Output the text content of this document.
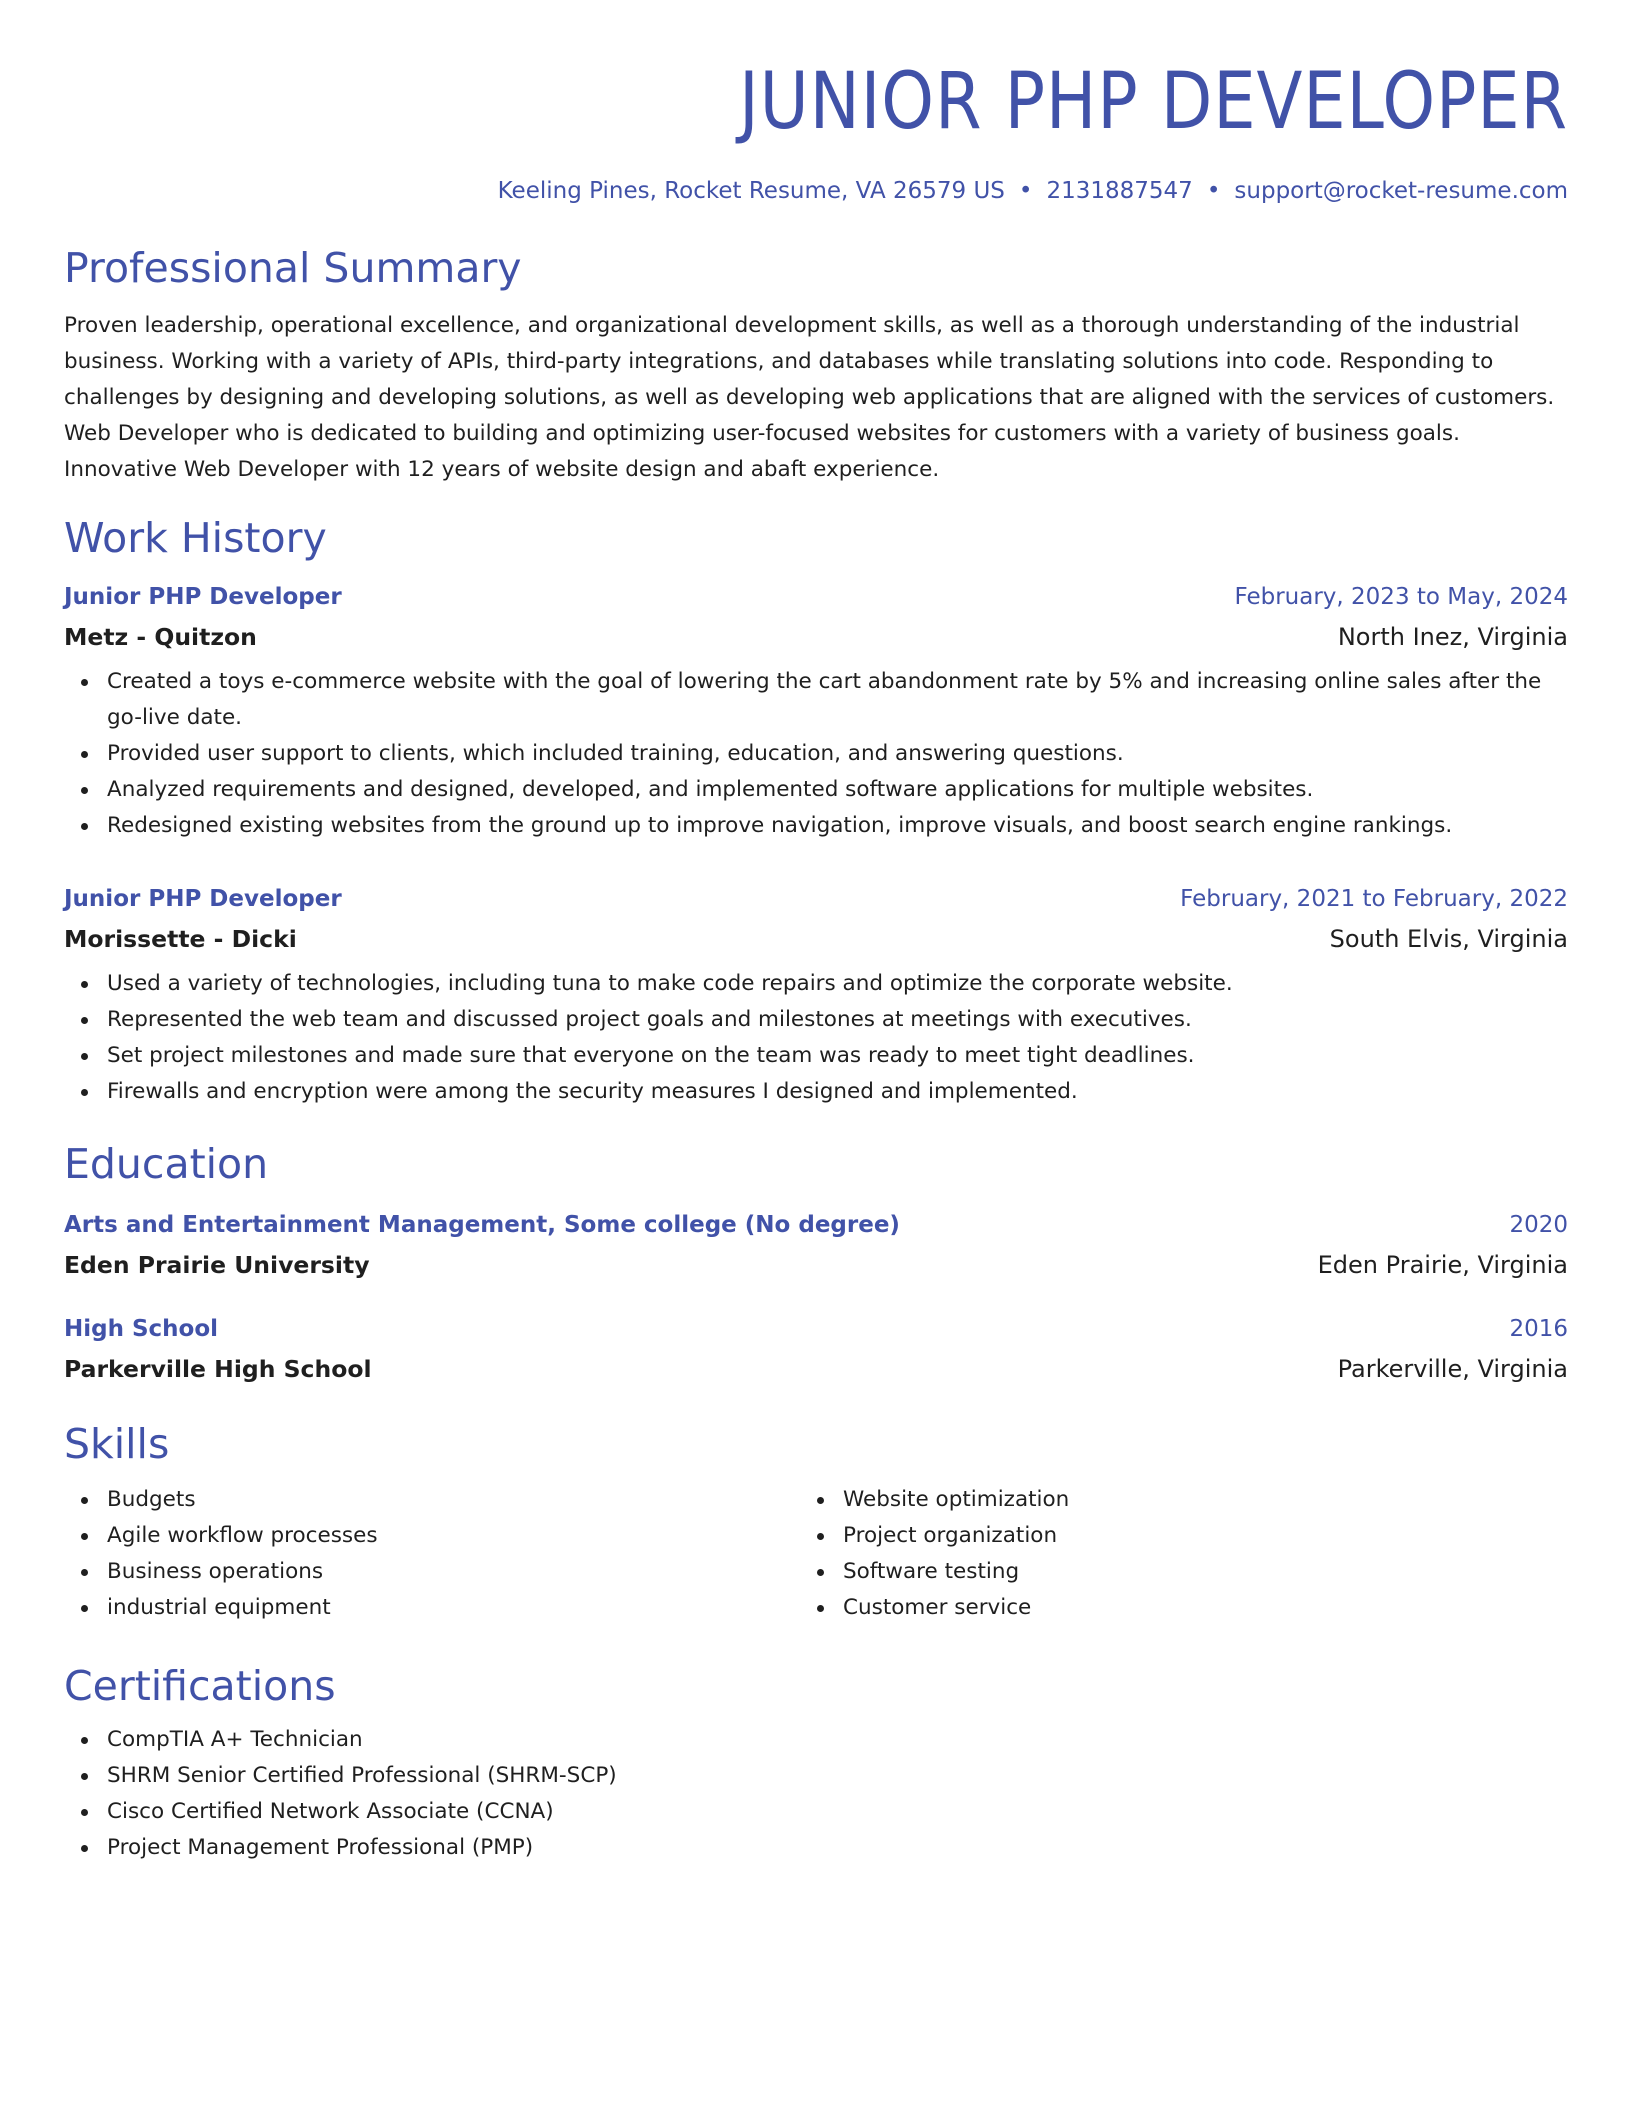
JUNIOR PHP DEVELOPER
Keeling Pines, Rocket Resume, VA 26579 US • 2131887547 • support@rocket-resume.com
Professional Summary

Proven leadership, operational excellence, and organizational development skills, as well as a thorough understanding of the industrial business. Working with a variety of APIs, third-party integrations, and databases while translating solutions into code. Responding to challenges by designing and developing solutions, as well as developing web applications that are aligned with the services of customers. Web Developer who is dedicated to building and optimizing user-focused websites for customers with a variety of business goals. Innovative Web Developer with 12 years of website design and abaft experience.

Work History
Junior PHP Developer	February, 2023 to May, 2024
Metz - Quitzon	North Inez, Virginia
Created a toys e-commerce website with the goal of lowering the cart abandonment rate by 5% and increasing online sales after the go-live date.
Provided user support to clients, which included training, education, and answering questions.
Analyzed requirements and designed, developed, and implemented software applications for multiple websites.
Redesigned existing websites from the ground up to improve navigation, improve visuals, and boost search engine rankings.
Junior PHP Developer	February, 2021 to February, 2022
Morissette - Dicki	South Elvis, Virginia
Used a variety of technologies, including tuna to make code repairs and optimize the corporate website.
Represented the web team and discussed project goals and milestones at meetings with executives.
Set project milestones and made sure that everyone on the team was ready to meet tight deadlines.
Firewalls and encryption were among the security measures I designed and implemented.
Education
Arts and Entertainment Management, Some college (No degree)	2020
Eden Prairie University	Eden Prairie, Virginia
High School	2016
Parkerville High School	Parkerville, Virginia
Skills
Budgets
Agile workflow processes
Business operations
industrial equipment
Website optimization
Project organization
Software testing
Customer service
Certifications
CompTIA A+ Technician
SHRM Senior Certified Professional (SHRM-SCP)
Cisco Certified Network Associate (CCNA)
Project Management Professional (PMP)
